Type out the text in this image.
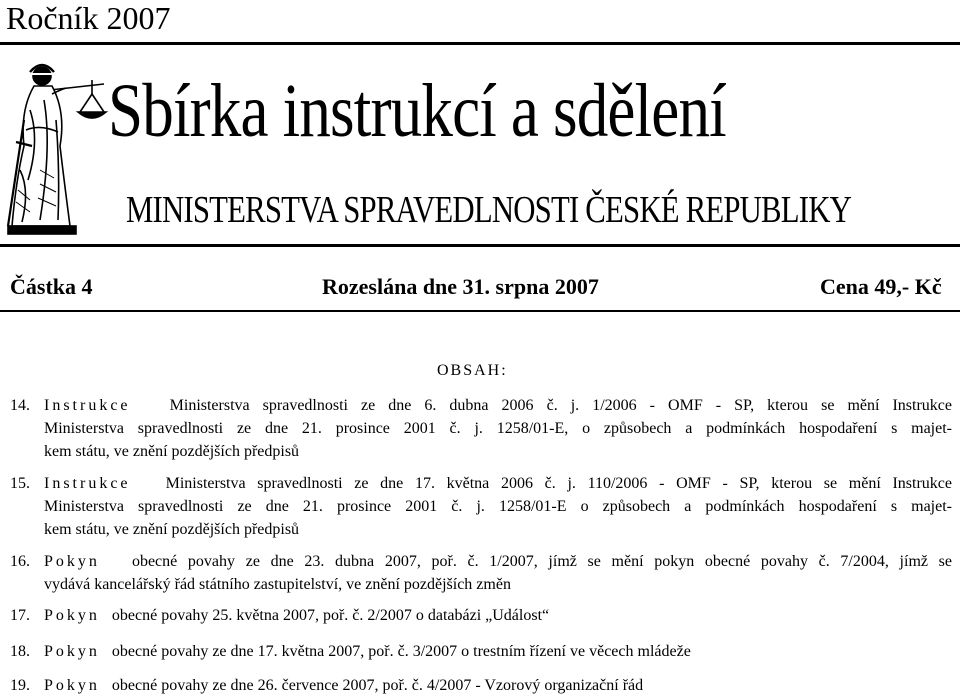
Ročník 2007
Sbírka instrukcí a sdělení
MINISTERSTVA SPRAVEDLNOSTI ČESKÉ REPUBLIKY
Částka 4	Rozeslána dne 31. srpna 2007	Cena 49,- Kč
OBSAH:
14. Instrukce Ministerstva spravedlnosti ze dne 6. dubna 2006 č. j. 1/2006 - OMF - SP, kterou se mění Instrukce
Ministerstva spravedlnosti ze dne 21. prosince 2001 č. j. 1258/01-E, o způsobech a podmínkách hospodaření s majet-
kem státu, ve znění pozdějších předpisů
15. Instrukce Ministerstva spravedlnosti ze dne 17. května 2006 č. j. 110/2006 - OMF - SP, kterou se mění Instrukce
Ministerstva spravedlnosti ze dne 21. prosince 2001 č. j. 1258/01-E o způsobech a podmínkách hospodaření s majet-
kem státu, ve znění pozdějších předpisů
16. Pokyn obecné povahy ze dne 23. dubna 2007, poř. č. 1/2007, jímž se mění pokyn obecné povahy č. 7/2004, jímž se
vydává kancelářský řád státního zastupitelství, ve znění pozdějších změn
17. Pokyn obecné povahy 25. května 2007, poř. č. 2/2007 o databázi „Událost“
18. Pokyn obecné povahy ze dne 17. května 2007, poř. č. 3/2007 o trestním řízení ve věcech mládeže
19. Pokyn obecné povahy ze dne 26. července 2007, poř. č. 4/2007 - Vzorový organizační řád
